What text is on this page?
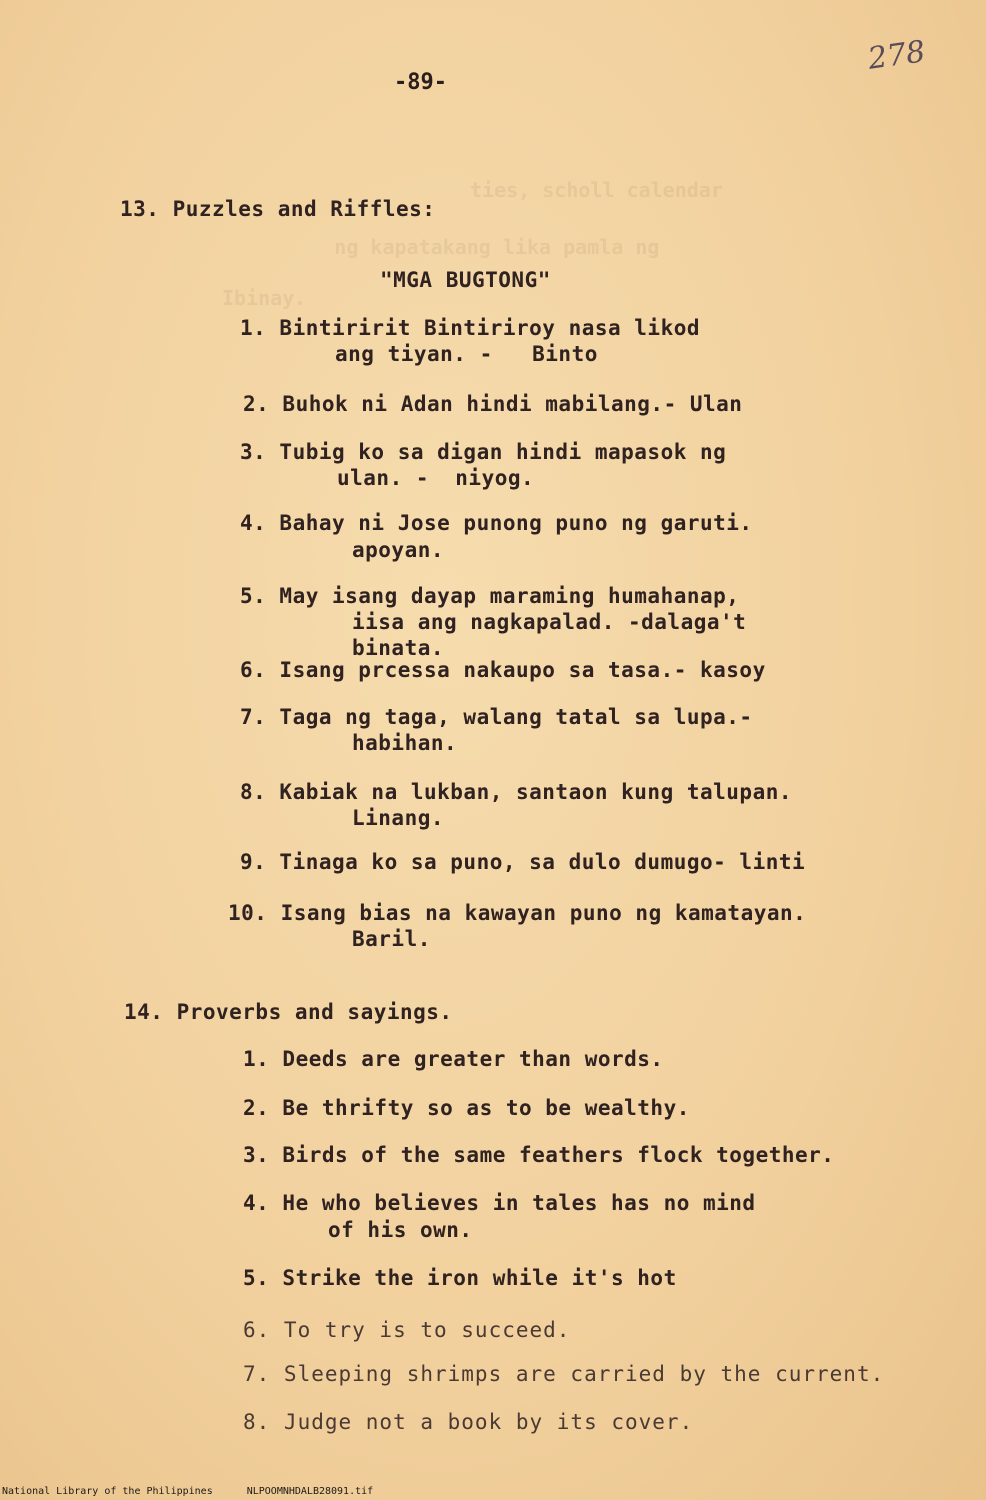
ties, scholl calendar
ng kapatakang lika pamla ng
Ibinay.
-89-
278
13. Puzzles and Riffles:
"MGA BUGTONG"
1. Bintiririt Bintiriroy nasa likod
ang tiyan. -   Binto
2. Buhok ni Adan hindi mabilang.- Ulan
3. Tubig ko sa digan hindi mapasok ng
ulan. -  niyog.
4. Bahay ni Jose punong puno ng garuti.
apoyan.
5. May isang dayap maraming humahanap,
iisa ang nagkapalad. -dalaga't
binata.
6. Isang prcessa nakaupo sa tasa.- kasoy
7. Taga ng taga, walang tatal sa lupa.-
habihan.
8. Kabiak na lukban, santaon kung talupan.
Linang.
9. Tinaga ko sa puno, sa dulo dumugo- linti
10. Isang bias na kawayan puno ng kamatayan.
Baril.
14. Proverbs and sayings.
1. Deeds are greater than words.
2. Be thrifty so as to be wealthy.
3. Birds of the same feathers flock together.
4. He who believes in tales has no mind
of his own.
5. Strike the iron while it's hot
6. To try is to succeed.
7. Sleeping shrimps are carried by the current.
8. Judge not a book by its cover.
National Library of the Philippines	NLPOOMNHDALB28091.tif
